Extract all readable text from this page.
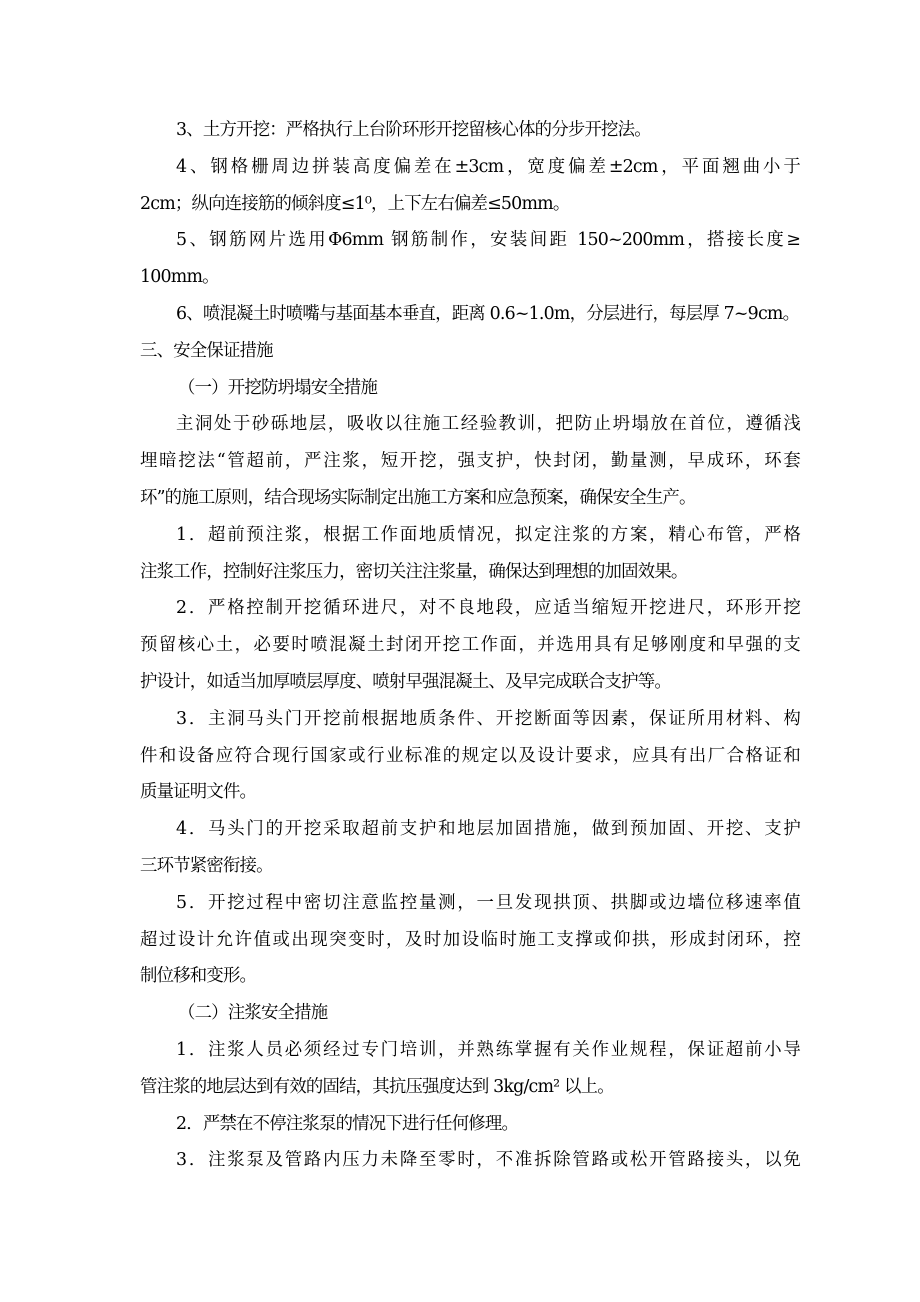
3、土方开挖：严格执行上台阶环形开挖留核心体的分步开挖法。
4、钢格栅周边拼装高度偏差在±3cm，宽度偏差±2cm，平面翘曲小于
2cm；纵向连接筋的倾斜度≤1⁰，上下左右偏差≤50mm。
5、钢筋网片选用Φ6mm 钢筋制作，安装间距 150~200mm，搭接长度≥
100mm。
6、喷混凝土时喷嘴与基面基本垂直，距离 0.6~1.0m，分层进行，每层厚 7~9cm。
三、安全保证措施
（一）开挖防坍塌安全措施
主洞处于砂砾地层，吸收以往施工经验教训，把防止坍塌放在首位，遵循浅
埋暗挖法“管超前，严注浆，短开挖，强支护，快封闭，勤量测，早成环，环套
环”的施工原则，结合现场实际制定出施工方案和应急预案，确保安全生产。
1．超前预注浆，根据工作面地质情况，拟定注浆的方案，精心布管，严格
注浆工作，控制好注浆压力，密切关注注浆量，确保达到理想的加固效果。
2．严格控制开挖循环进尺，对不良地段，应适当缩短开挖进尺，环形开挖
预留核心土，必要时喷混凝土封闭开挖工作面，并选用具有足够刚度和早强的支
护设计，如适当加厚喷层厚度、喷射早强混凝土、及早完成联合支护等。
3．主洞马头门开挖前根据地质条件、开挖断面等因素，保证所用材料、构
件和设备应符合现行国家或行业标准的规定以及设计要求，应具有出厂合格证和
质量证明文件。
4．马头门的开挖采取超前支护和地层加固措施，做到预加固、开挖、支护
三环节紧密衔接。
5．开挖过程中密切注意监控量测，一旦发现拱顶、拱脚或边墙位移速率值
超过设计允许值或出现突变时，及时加设临时施工支撑或仰拱，形成封闭环，控
制位移和变形。
（二）注浆安全措施
1．注浆人员必须经过专门培训，并熟练掌握有关作业规程，保证超前小导
管注浆的地层达到有效的固结，其抗压强度达到 3kg/cm² 以上。
2．严禁在不停注浆泵的情况下进行任何修理。
3．注浆泵及管路内压力未降至零时，不准拆除管路或松开管路接头，以免
